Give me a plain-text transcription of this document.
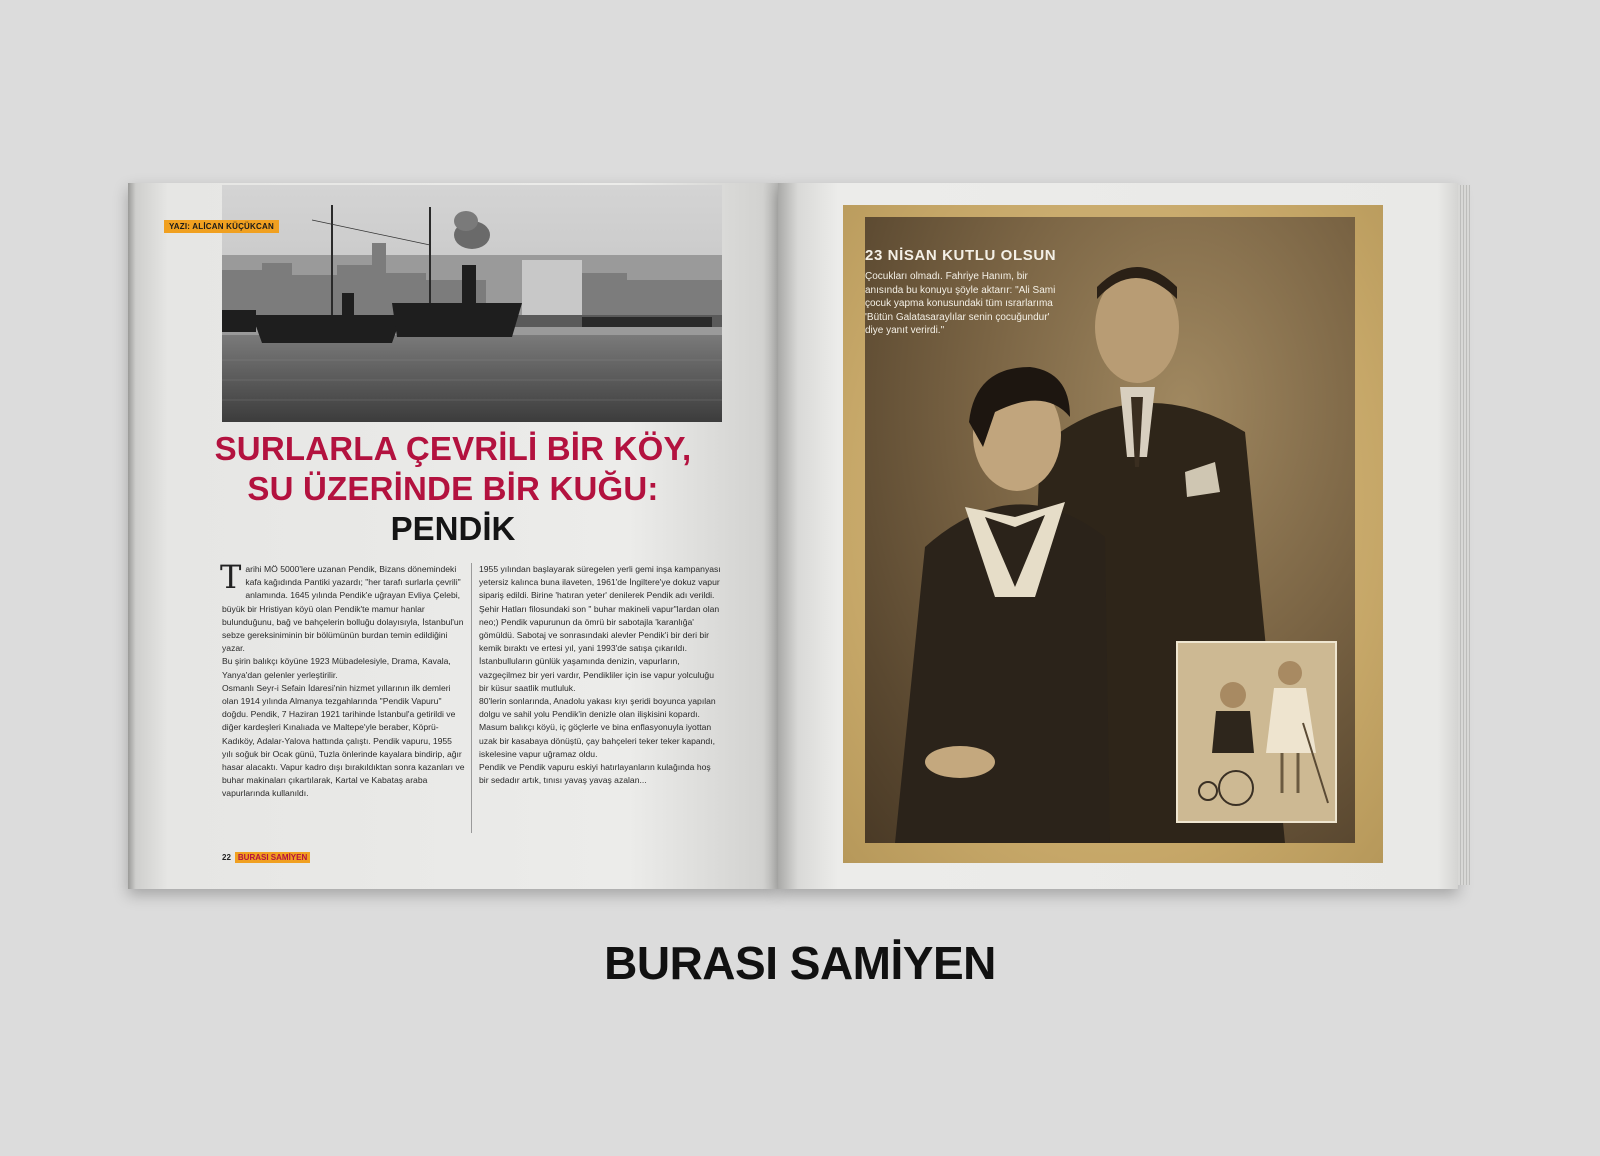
YAZI: ALİCAN KÜÇÜKCAN
SURLARLA ÇEVRİLİ BİR KÖY,
SU ÜZERİNDE BİR KUĞU:
PENDİK
T arihi MÖ 5000'lere uzanan Pendik, Bizans dönemindeki kafa kağıdında Pantiki yazardı; "her tarafı surlarla çevrili" anlamında. 1645 yılında Pendik'e uğrayan Evliya Çelebi, büyük bir Hristiyan köyü olan Pendik'te mamur hanlar bulunduğunu, bağ ve bahçelerin bolluğu dolayısıyla, İstanbul'un sebze gereksiniminin bir bölümünün burdan temin edildiğini yazar.
Bu şirin balıkçı köyüne 1923 Mübadelesiyle, Drama, Kavala, Yanya'dan gelenler yerleştirilir.
Osmanlı Seyr-i Sefain İdaresi'nin hizmet yıllarının ilk demleri olan 1914 yılında Almanya tezgahlarında "Pendik Vapuru" doğdu. Pendik, 7 Haziran 1921 tarihinde İstanbul'a getirildi ve diğer kardeşleri Kınalıada ve Maltepe'yle beraber, Köprü- Kadıköy, Adalar-Yalova hattında çalıştı. Pendik vapuru, 1955 yılı soğuk bir Ocak günü, Tuzla önlerinde kayalara bindirip, ağır hasar alacaktı. Vapur kadro dışı bırakıldıktan sonra kazanları ve buhar makinaları çıkartılarak, Kartal ve Kabataş araba vapurlarında kullanıldı.
1955 yılından başlayarak süregelen yerli gemi inşa kampanyası yetersiz kalınca buna ilaveten, 1961'de İngiltere'ye dokuz vapur sipariş edildi. Birine 'hatıran yeter' denilerek Pendik adı verildi. Şehir Hatları filosundaki son " buhar makineli vapur"lardan olan neo;) Pendik vapurunun da ömrü bir sabotajla 'karanlığa' gömüldü. Sabotaj ve sonrasındaki alevler Pendik'i bir deri bir kemik bıraktı ve ertesi yıl, yani 1993'de satışa çıkarıldı.
İstanbulluların günlük yaşamında denizin, vapurların, vazgeçilmez bir yeri vardır, Pendikliler için ise vapur yolculuğu bir küsur saatlik mutluluk.
80'lerin sonlarında, Anadolu yakası kıyı şeridi boyunca yapılan dolgu ve sahil yolu Pendik'in denizle olan ilişkisini kopardı. Masum balıkçı köyü, iç göçlerle ve bina enflasyonuyla iyottan uzak bir kasabaya dönüştü, çay bahçeleri teker teker kapandı, iskelesine vapur uğramaz oldu.
Pendik ve Pendik vapuru eskiyi hatırlayanların kulağında hoş bir sedadır artık, tınısı yavaş yavaş azalan...
22 BURASI SAMİYEN
23 NİSAN KUTLU OLSUN
Çocukları olmadı. Fahriye Hanım, bir anısında bu konuyu şöyle aktarır: "Ali Sami çocuk yapma konusundaki tüm ısrarlarıma 'Bütün Galatasaraylılar senin çocuğundur' diye yanıt verirdi."
BURASI SAMİYEN
